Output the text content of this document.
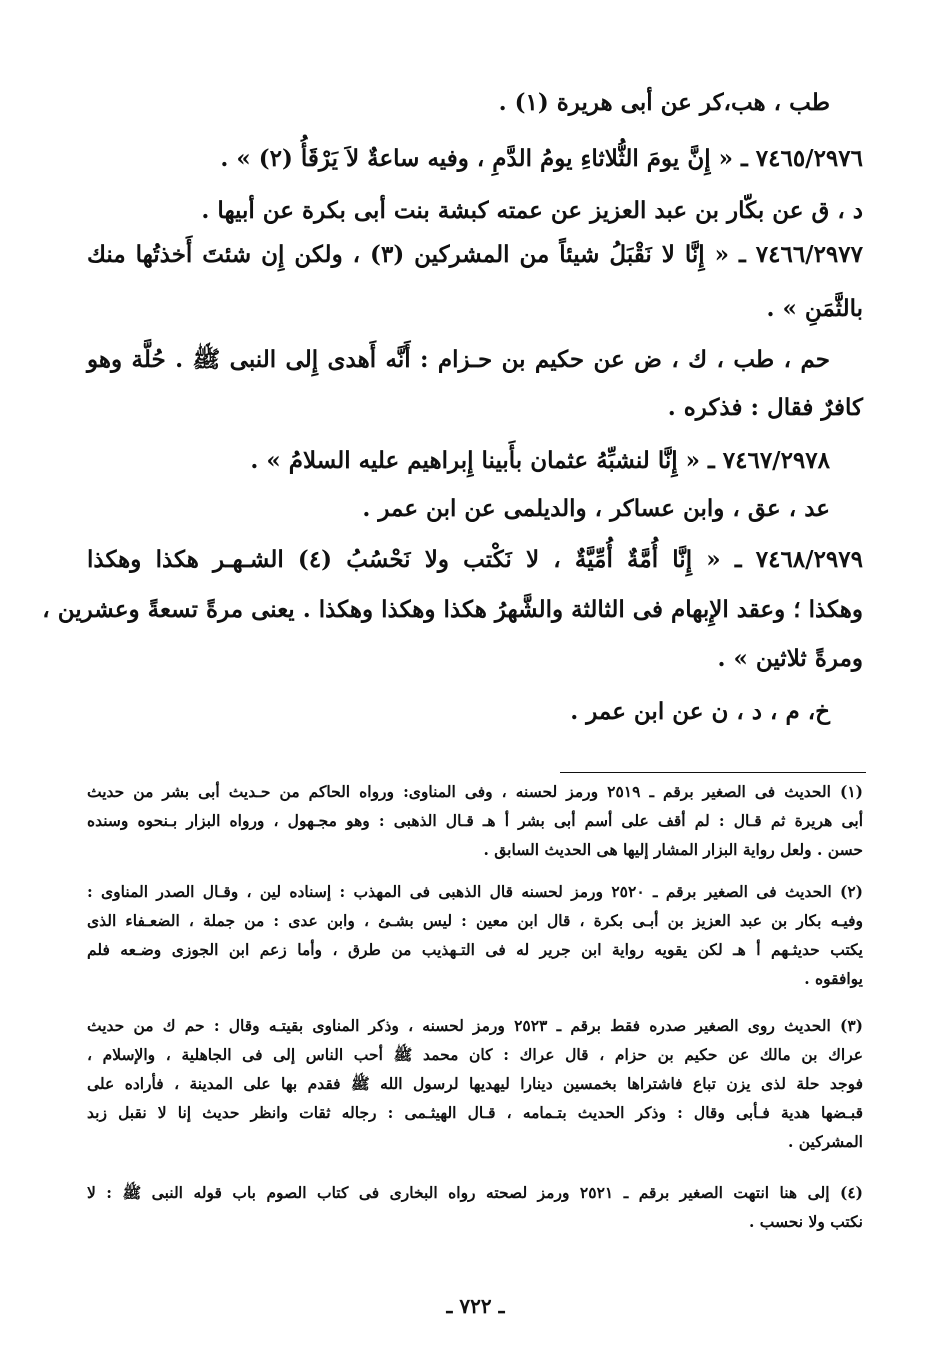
طب ، هب،كر عن أبى هريرة (١) .
٧٤٦٥/٢٩٧٦ ـ « إِنَّ يومَ الثُّلاثاءِ يومُ الدَّمِ ، وفيه ساعةٌ لاَ يَرْقَأُ (٢) » .
د ، ق عن بكّار بن عبد العزيز عن عمته كبشة بنت أبى بكرة عن أبيها .
٧٤٦٦/٢٩٧٧ ـ « إِنَّا لا نَقْبَلُ شيئاً من المشركين (٣) ، ولكن إِن شئتَ أَخذتُها منك
بالثَّمَنِ » .
حم ، طب ، ك ، ض عن حكيم بن حـزام : أَنَّه أَهدى إِلى النبى ﷺ . حُلَّة وهو
كافرٌ فقال : فذكره .
٧٤٦٧/٢٩٧٨ ـ « إِنَّا لنشبِّهُ عثمان بأَبينا إِبراهيم عليه السلامُ » .
عد ، عق ، وابن عساكر ، والديلمى عن ابن عمر .
٧٤٦٨/٢٩٧٩ ـ « إِنَّا أُمَّةٌ أُمِّيَّةٌ ، لا نَكْتب ولا نَحْسُبُ (٤) الشـهـر هكذا وهكذا
وهكذا ؛ وعقد الإِبهام فى الثالثة والشَّهرُ هكذا وهكذا وهكذا . يعنى مرةً تسعةً وعشرين ،
ومرةً ثلاثين » .
خ، م ، د ، ن عن ابن عمر .
(١) الحديث فى الصغير برقم ـ ٢٥١٩ ورمز لحسنه ، وفى المناوى: ورواه الحاكم من حـديث أبى بشر من حديث
أبى هريرة ثم قـال : لم أقف على أسم أبى بشر أ هـ قـال الذهبى : وهو مجـهول ، ورواه البزار بـنحوه وسنده
حسن . ولعل رواية البزار المشار إليها هى الحديث السابق .
(٢) الحديث فى الصغير برقم ـ ٢٥٢٠ ورمز لحسنه قال الذهبى فى المهذب : إسناده لين ، وقـال الصدر المناوى :
وفيـه بكار بن عبد العزيز بن أبـى بكرة ، قال ابن معين : ليس بشـئ ، وابن عدى : من جملة ، الضعـفاء الذى
يكتب حديثـهم أ هـ لكن يقويه رواية ابن جرير له فى التـهذيب من طرق ، وأما زعم ابن الجوزى وضـعه فلم
يوافقوه .
(٣) الحديث روى الصغير صدره فقط برقم ـ ٢٥٢٣ ورمز لحسنه ، وذكر المناوى بقيتـه وقال : حم ك من حديث
عراك بن مالك عن حكيم بن حزام ، قال عراك : كان محمد ﷺ أحب الناس إلى فى الجاهلية ، والإسلام ،
فوجد حلة لذى يزن تباع فاشتراها بخمسين دينارا ليهديها لرسول الله ﷺ فقدم بها على المدينة ، فأراده على
قبـضها هدية فـأبى وقال : وذكر الحديث بتـمامه ، قـال الهيثـمى : رجاله ثقات وانظر حديث إنا لا نقبل زبد
المشركين .
(٤) إلى هنا انتهت الصغير برقم ـ ٢٥٢١ ورمز لصحته رواه البخارى فى كتاب الصوم باب قوله النبى ﷺ : لا
نكتب ولا نحسب .
ـ ٧٢٢ ـ
